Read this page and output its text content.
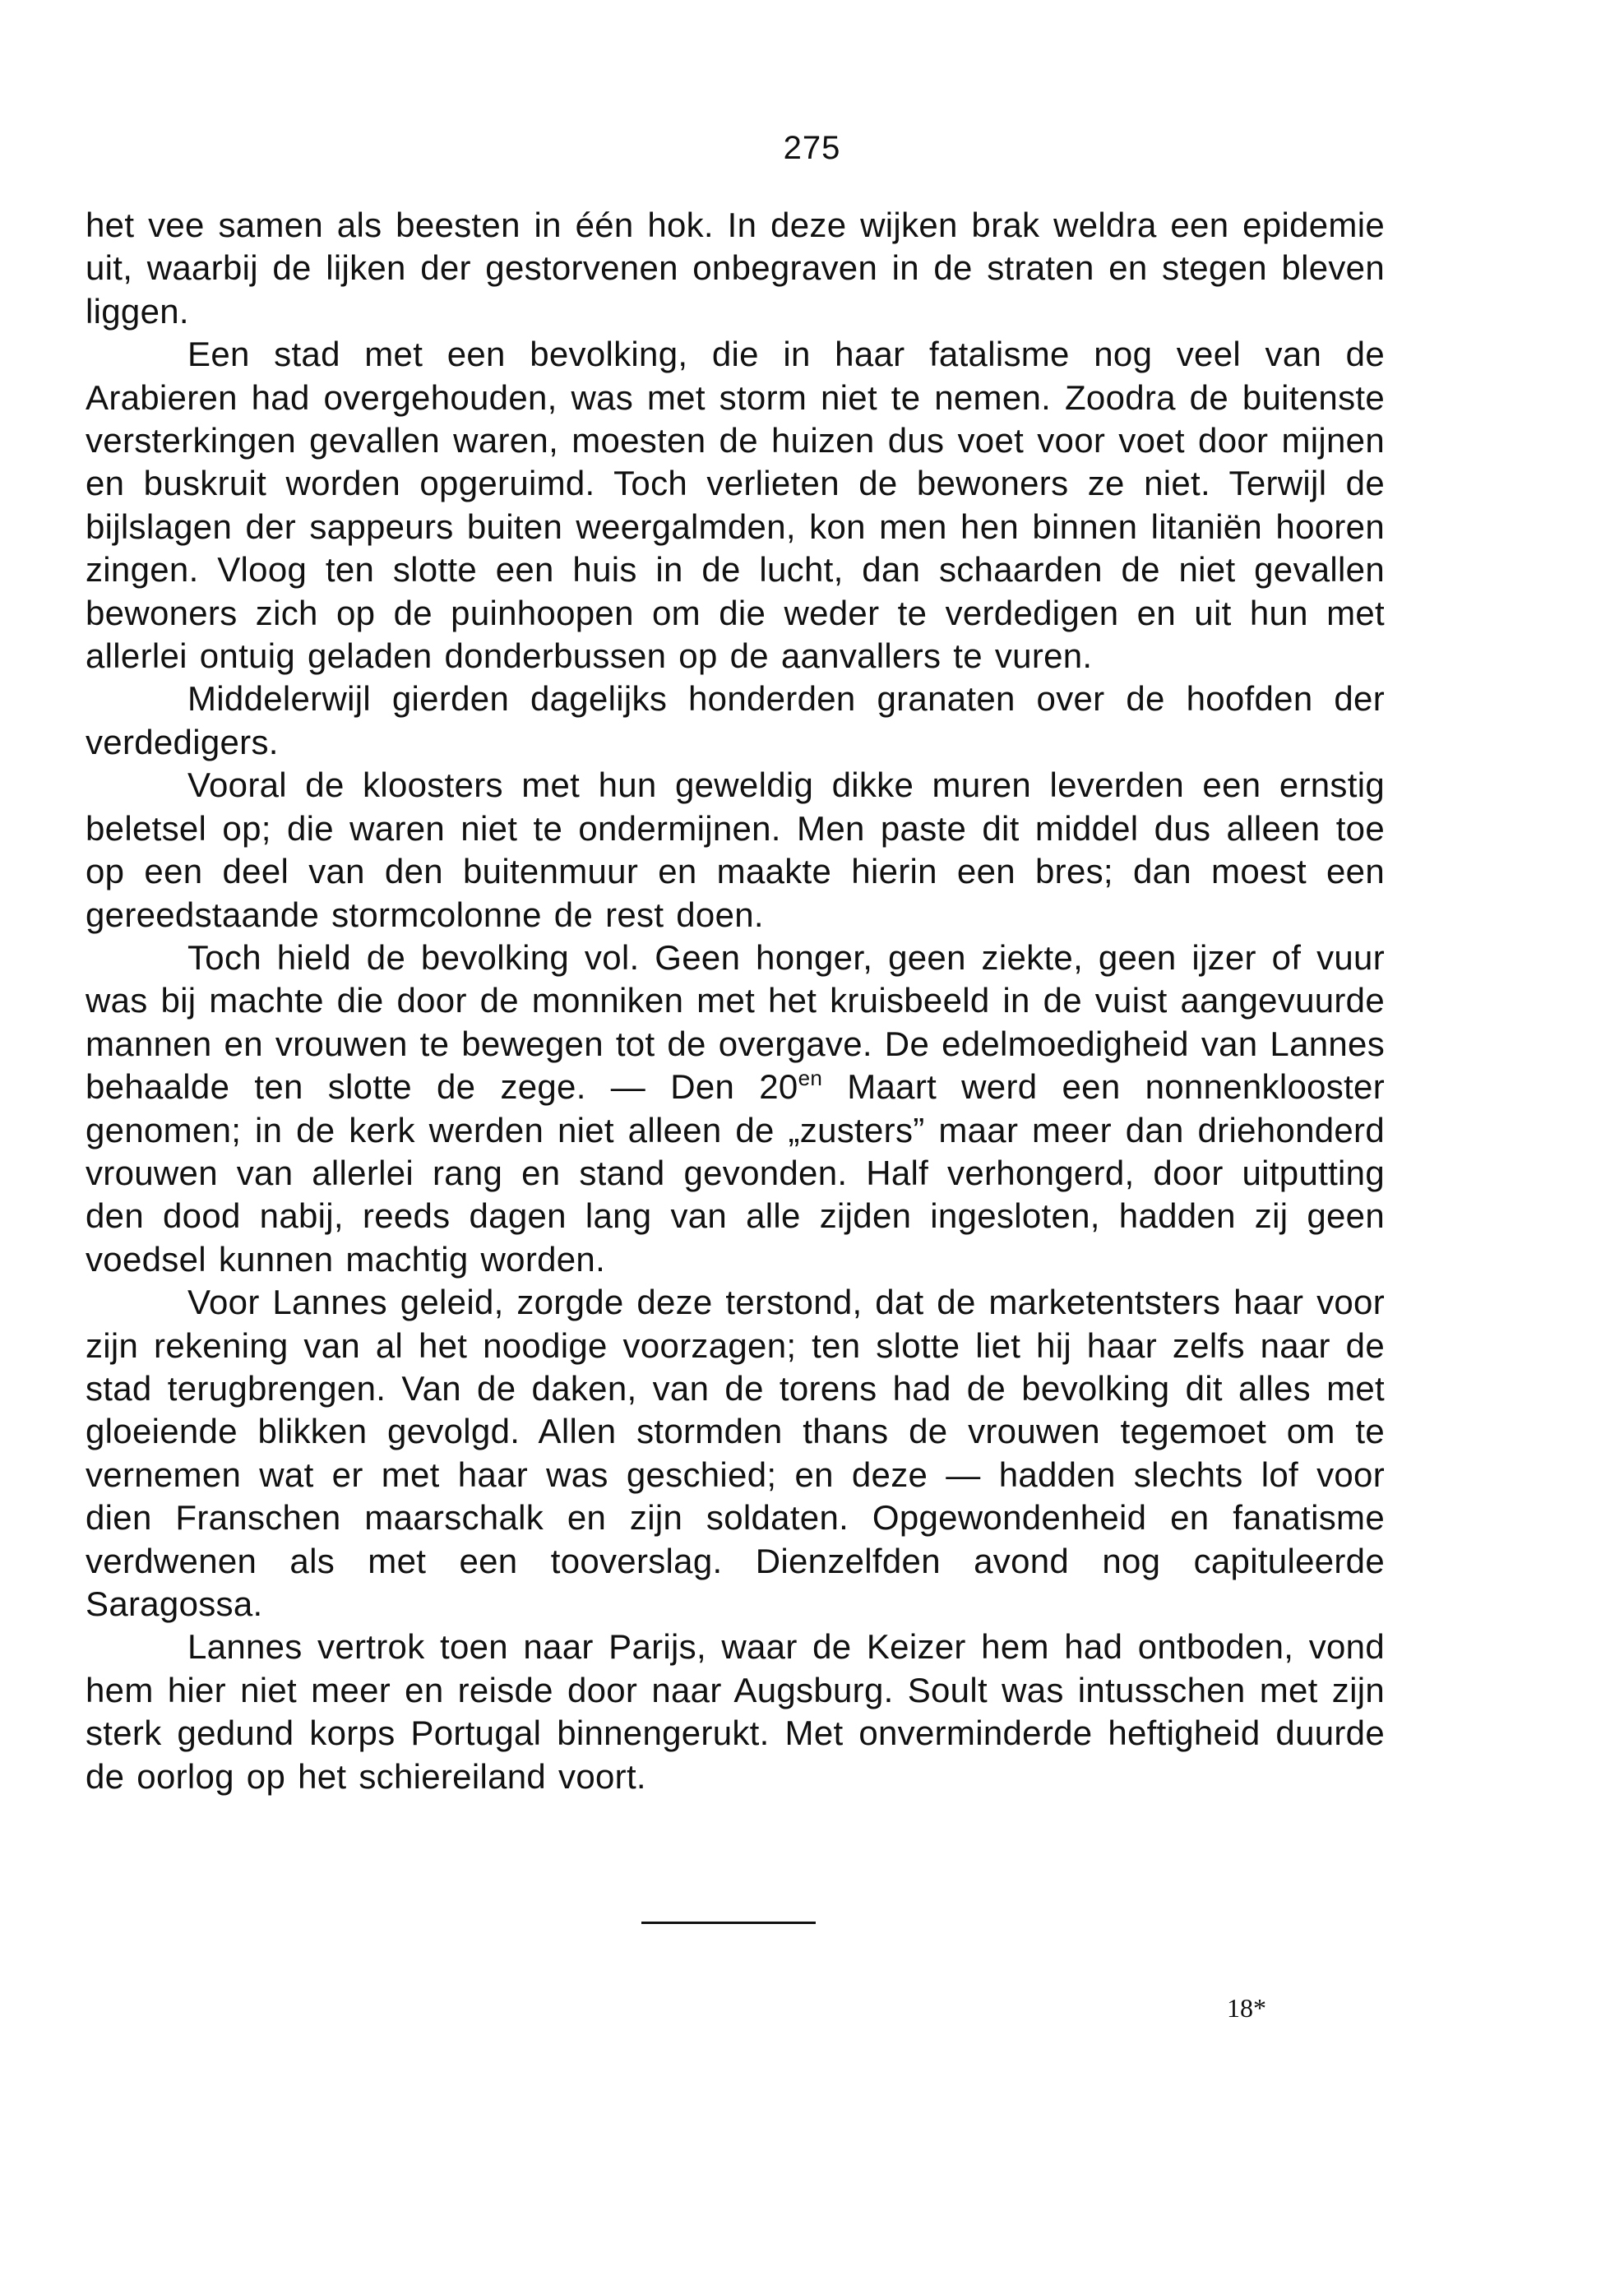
275

het vee samen als beesten in één hok. In deze wijken brak weldra een epidemie uit, waarbij de lijken der gestorvenen onbegraven in de straten en stegen bleven liggen.

Een stad met een bevolking, die in haar fatalisme nog veel van de Arabieren had overgehouden, was met storm niet te nemen. Zoodra de buitenste versterkingen gevallen waren, moesten de huizen dus voet voor voet door mijnen en buskruit worden opgeruimd. Toch verlieten de bewoners ze niet. Terwijl de bijlslagen der sappeurs buiten weergalmden, kon men hen binnen litaniën hooren zingen. Vloog ten slotte een huis in de lucht, dan schaarden de niet gevallen bewoners zich op de puinhoopen om die weder te verdedigen en uit hun met allerlei ontuig geladen donderbussen op de aanvallers te vuren.

Middelerwijl gierden dagelijks honderden granaten over de hoofden der verdedigers.

Vooral de kloosters met hun geweldig dikke muren leverden een ernstig beletsel op; die waren niet te ondermijnen. Men paste dit middel dus alleen toe op een deel van den buitenmuur en maakte hierin een bres; dan moest een gereedstaande stormcolonne de rest doen.

Toch hield de bevolking vol. Geen honger, geen ziekte, geen ijzer of vuur was bij machte die door de monniken met het kruisbeeld in de vuist aangevuurde mannen en vrouwen te bewegen tot de overgave. De edelmoedigheid van Lannes behaalde ten slotte de zege. — Den $20^{en}$ Maart werd een nonnenklooster genomen; in de kerk werden niet alleen de „zusters” maar meer dan driehonderd vrouwen van allerlei rang en stand gevonden. Half verhongerd, door uitputting den dood nabij, reeds dagen lang van alle zijden ingesloten, hadden zij geen voedsel kunnen machtig worden.

Voor Lannes geleid, zorgde deze terstond, dat de marketentsters haar voor zijn rekening van al het noodige voorzagen; ten slotte liet hij haar zelfs naar de stad terugbrengen. Van de daken, van de torens had de bevolking dit alles met gloeiende blikken gevolgd. Allen stormden thans de vrouwen tegemoet om te vernemen wat er met haar was geschied; en deze — hadden slechts lof voor dien Franschen maarschalk en zijn soldaten. Opgewondenheid en fanatisme verdwenen als met een tooverslag. Dienzelfden avond nog capituleerde Saragossa.

Lannes vertrok toen naar Parijs, waar de Keizer hem had ontboden, vond hem hier niet meer en reisde door naar Augsburg. Soult was intusschen met zijn sterk gedund korps Portugal binnengerukt. Met onverminderde heftigheid duurde de oorlog op het schiereiland voort.

18*
